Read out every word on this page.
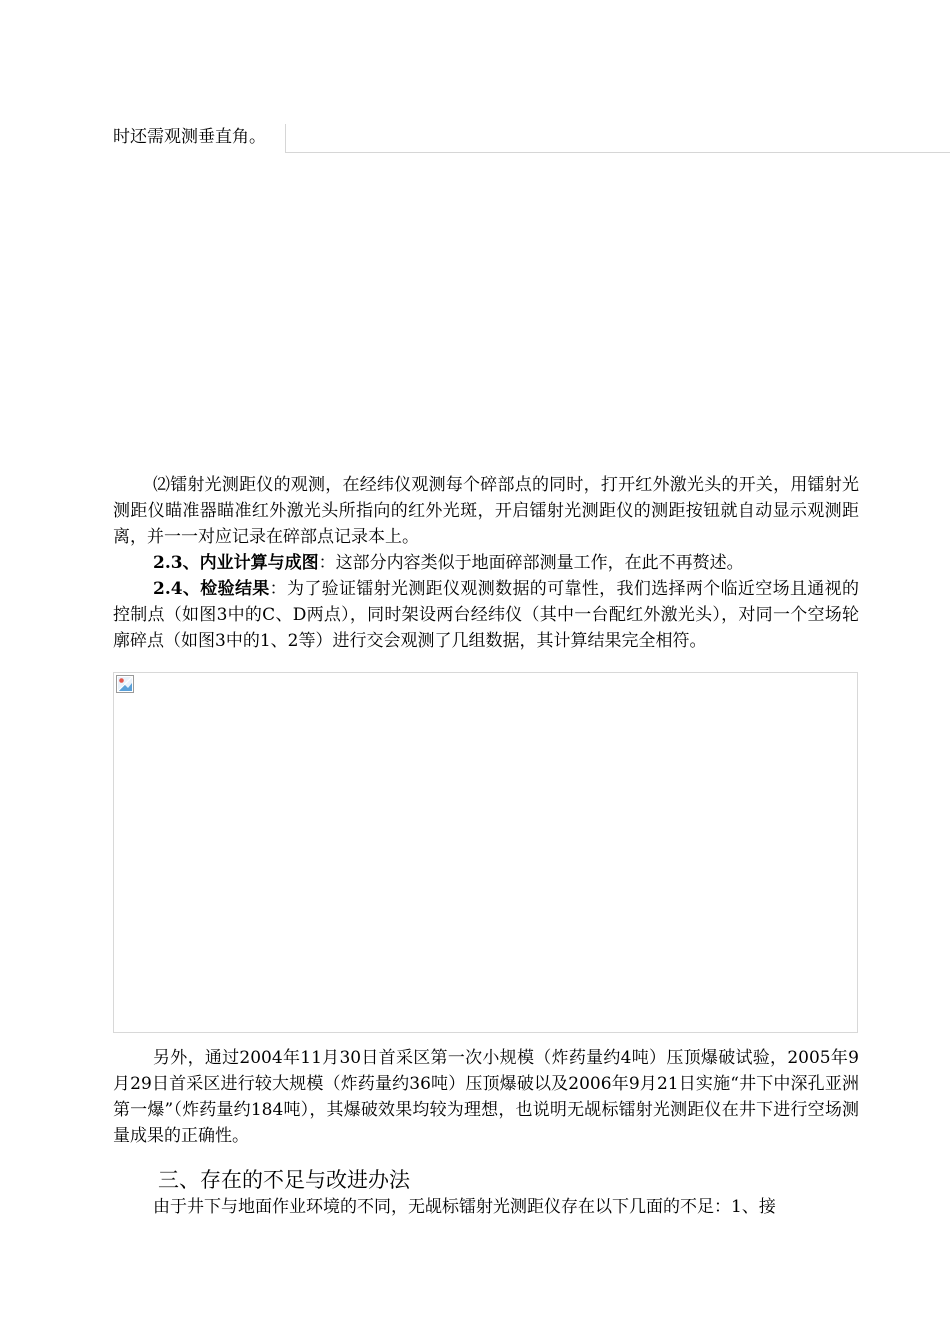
时还需观测垂直角。

⑵镭射光测距仪的观测，在经纬仪观测每个碎部点的同时，打开红外激光头的开关，用镭射光测距仪瞄准器瞄准红外激光头所指向的红外光斑，开启镭射光测距仪的测距按钮就自动显示观测距离，并一一对应记录在碎部点记录本上。

2.3、内业计算与成图：这部分内容类似于地面碎部测量工作，在此不再赘述。

2.4、检验结果：为了验证镭射光测距仪观测数据的可靠性，我们选择两个临近空场且通视的控制点（如图3中的C、D两点），同时架设两台经纬仪（其中一台配红外激光头），对同一个空场轮廓碎点（如图3中的1、2等）进行交会观测了几组数据，其计算结果完全相符。

另外，通过2004年11月30日首采区第一次小规模（炸药量约4吨）压顶爆破试验，2005年9月29日首采区进行较大规模（炸药量约36吨）压顶爆破以及2006年9月21日实施“井下中深孔亚洲第一爆”（炸药量约184吨），其爆破效果均较为理想，也说明无觇标镭射光测距仪在井下进行空场测量成果的正确性。

三、存在的不足与改进办法

由于井下与地面作业环境的不同，无觇标镭射光测距仪存在以下几面的不足：1、接
